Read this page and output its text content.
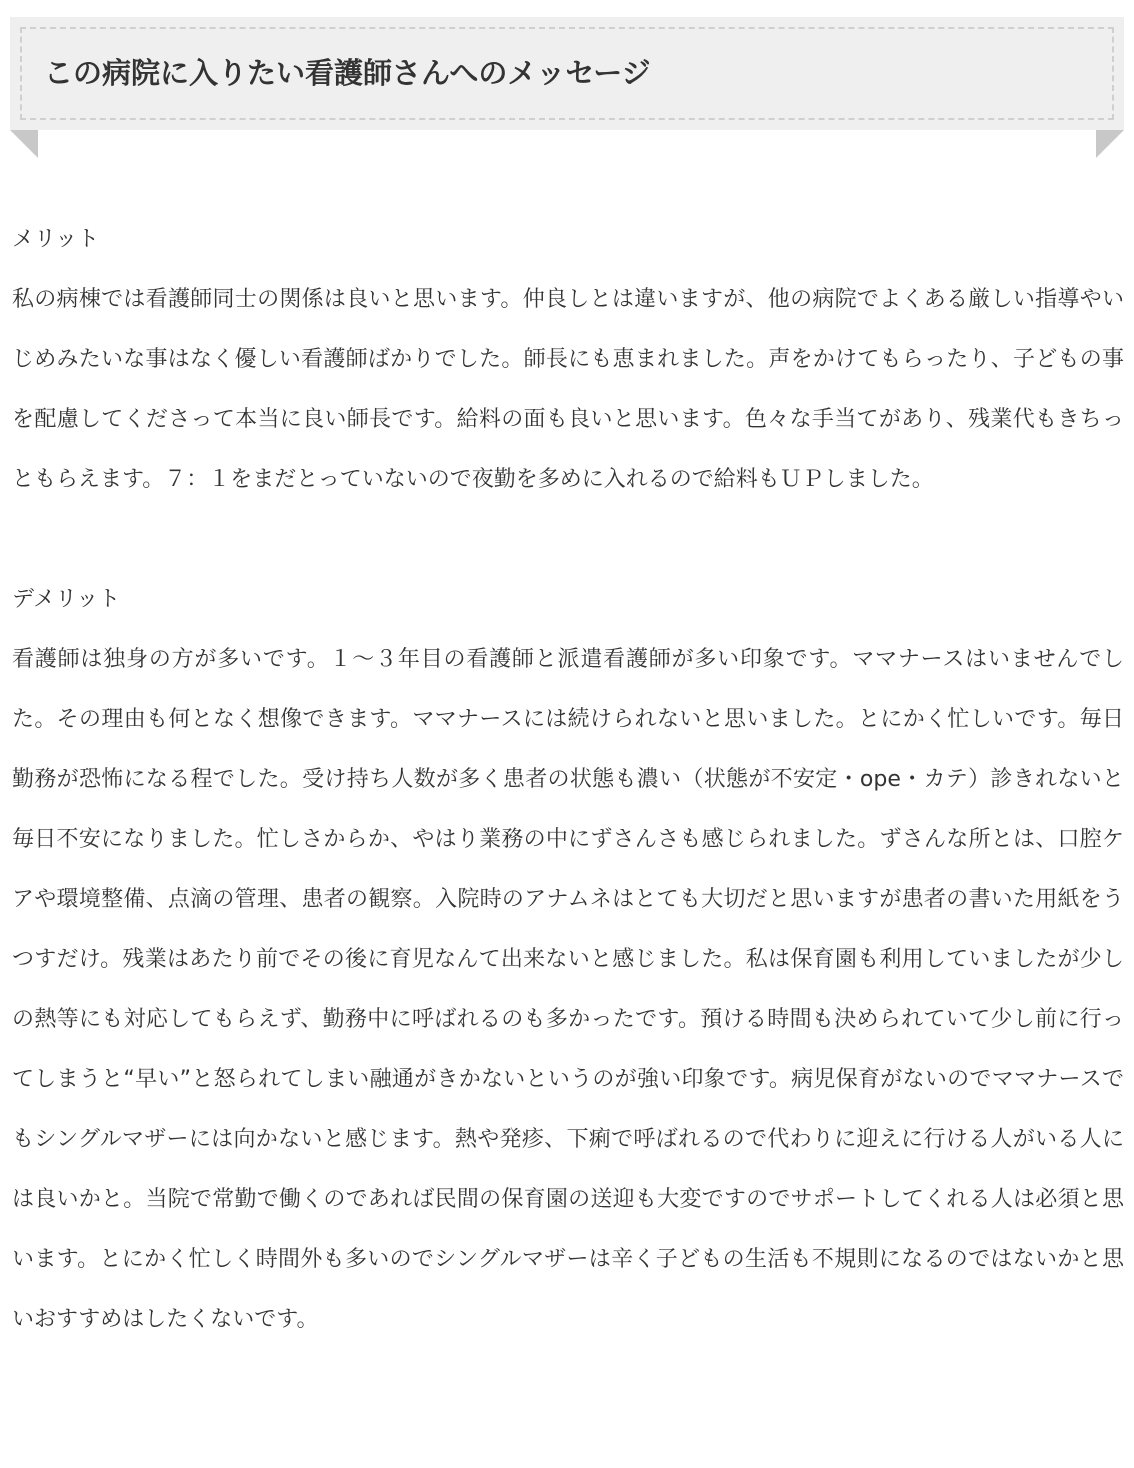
この病院に入りたい看護師さんへのメッセージ

メリット

私の病棟では看護師同士の関係は良いと思います。仲良しとは違いますが、他の病院でよくある厳しい指導やいじめみたいな事はなく優しい看護師ばかりでした。師長にも恵まれました。声をかけてもらったり、子どもの事を配慮してくださって本当に良い師長です。給料の面も良いと思います。色々な手当てがあり、残業代もきちっともらえます。７：１をまだとっていないので夜勤を多めに入れるので給料もＵＰしました。

デメリット

看護師は独身の方が多いです。１〜３年目の看護師と派遣看護師が多い印象です。ママナースはいませんでした。その理由も何となく想像できます。ママナースには続けられないと思いました。とにかく忙しいです。毎日勤務が恐怖になる程でした。受け持ち人数が多く患者の状態も濃い（状態が不安定・ope・カテ）診きれないと毎日不安になりました。忙しさからか、やはり業務の中にずさんさも感じられました。ずさんな所とは、口腔ケアや環境整備、点滴の管理、患者の観察。入院時のアナムネはとても大切だと思いますが患者の書いた用紙をうつすだけ。残業はあたり前でその後に育児なんて出来ないと感じました。私は保育園も利用していましたが少しの熱等にも対応してもらえず、勤務中に呼ばれるのも多かったです。預ける時間も決められていて少し前に行ってしまうと“早い”と怒られてしまい融通がきかないというのが強い印象です。病児保育がないのでママナースでもシングルマザーには向かないと感じます。熱や発疹、下痢で呼ばれるので代わりに迎えに行ける人がいる人には良いかと。当院で常勤で働くのであれば民間の保育園の送迎も大変ですのでサポートしてくれる人は必須と思います。とにかく忙しく時間外も多いのでシングルマザーは辛く子どもの生活も不規則になるのではないかと思いおすすめはしたくないです。
